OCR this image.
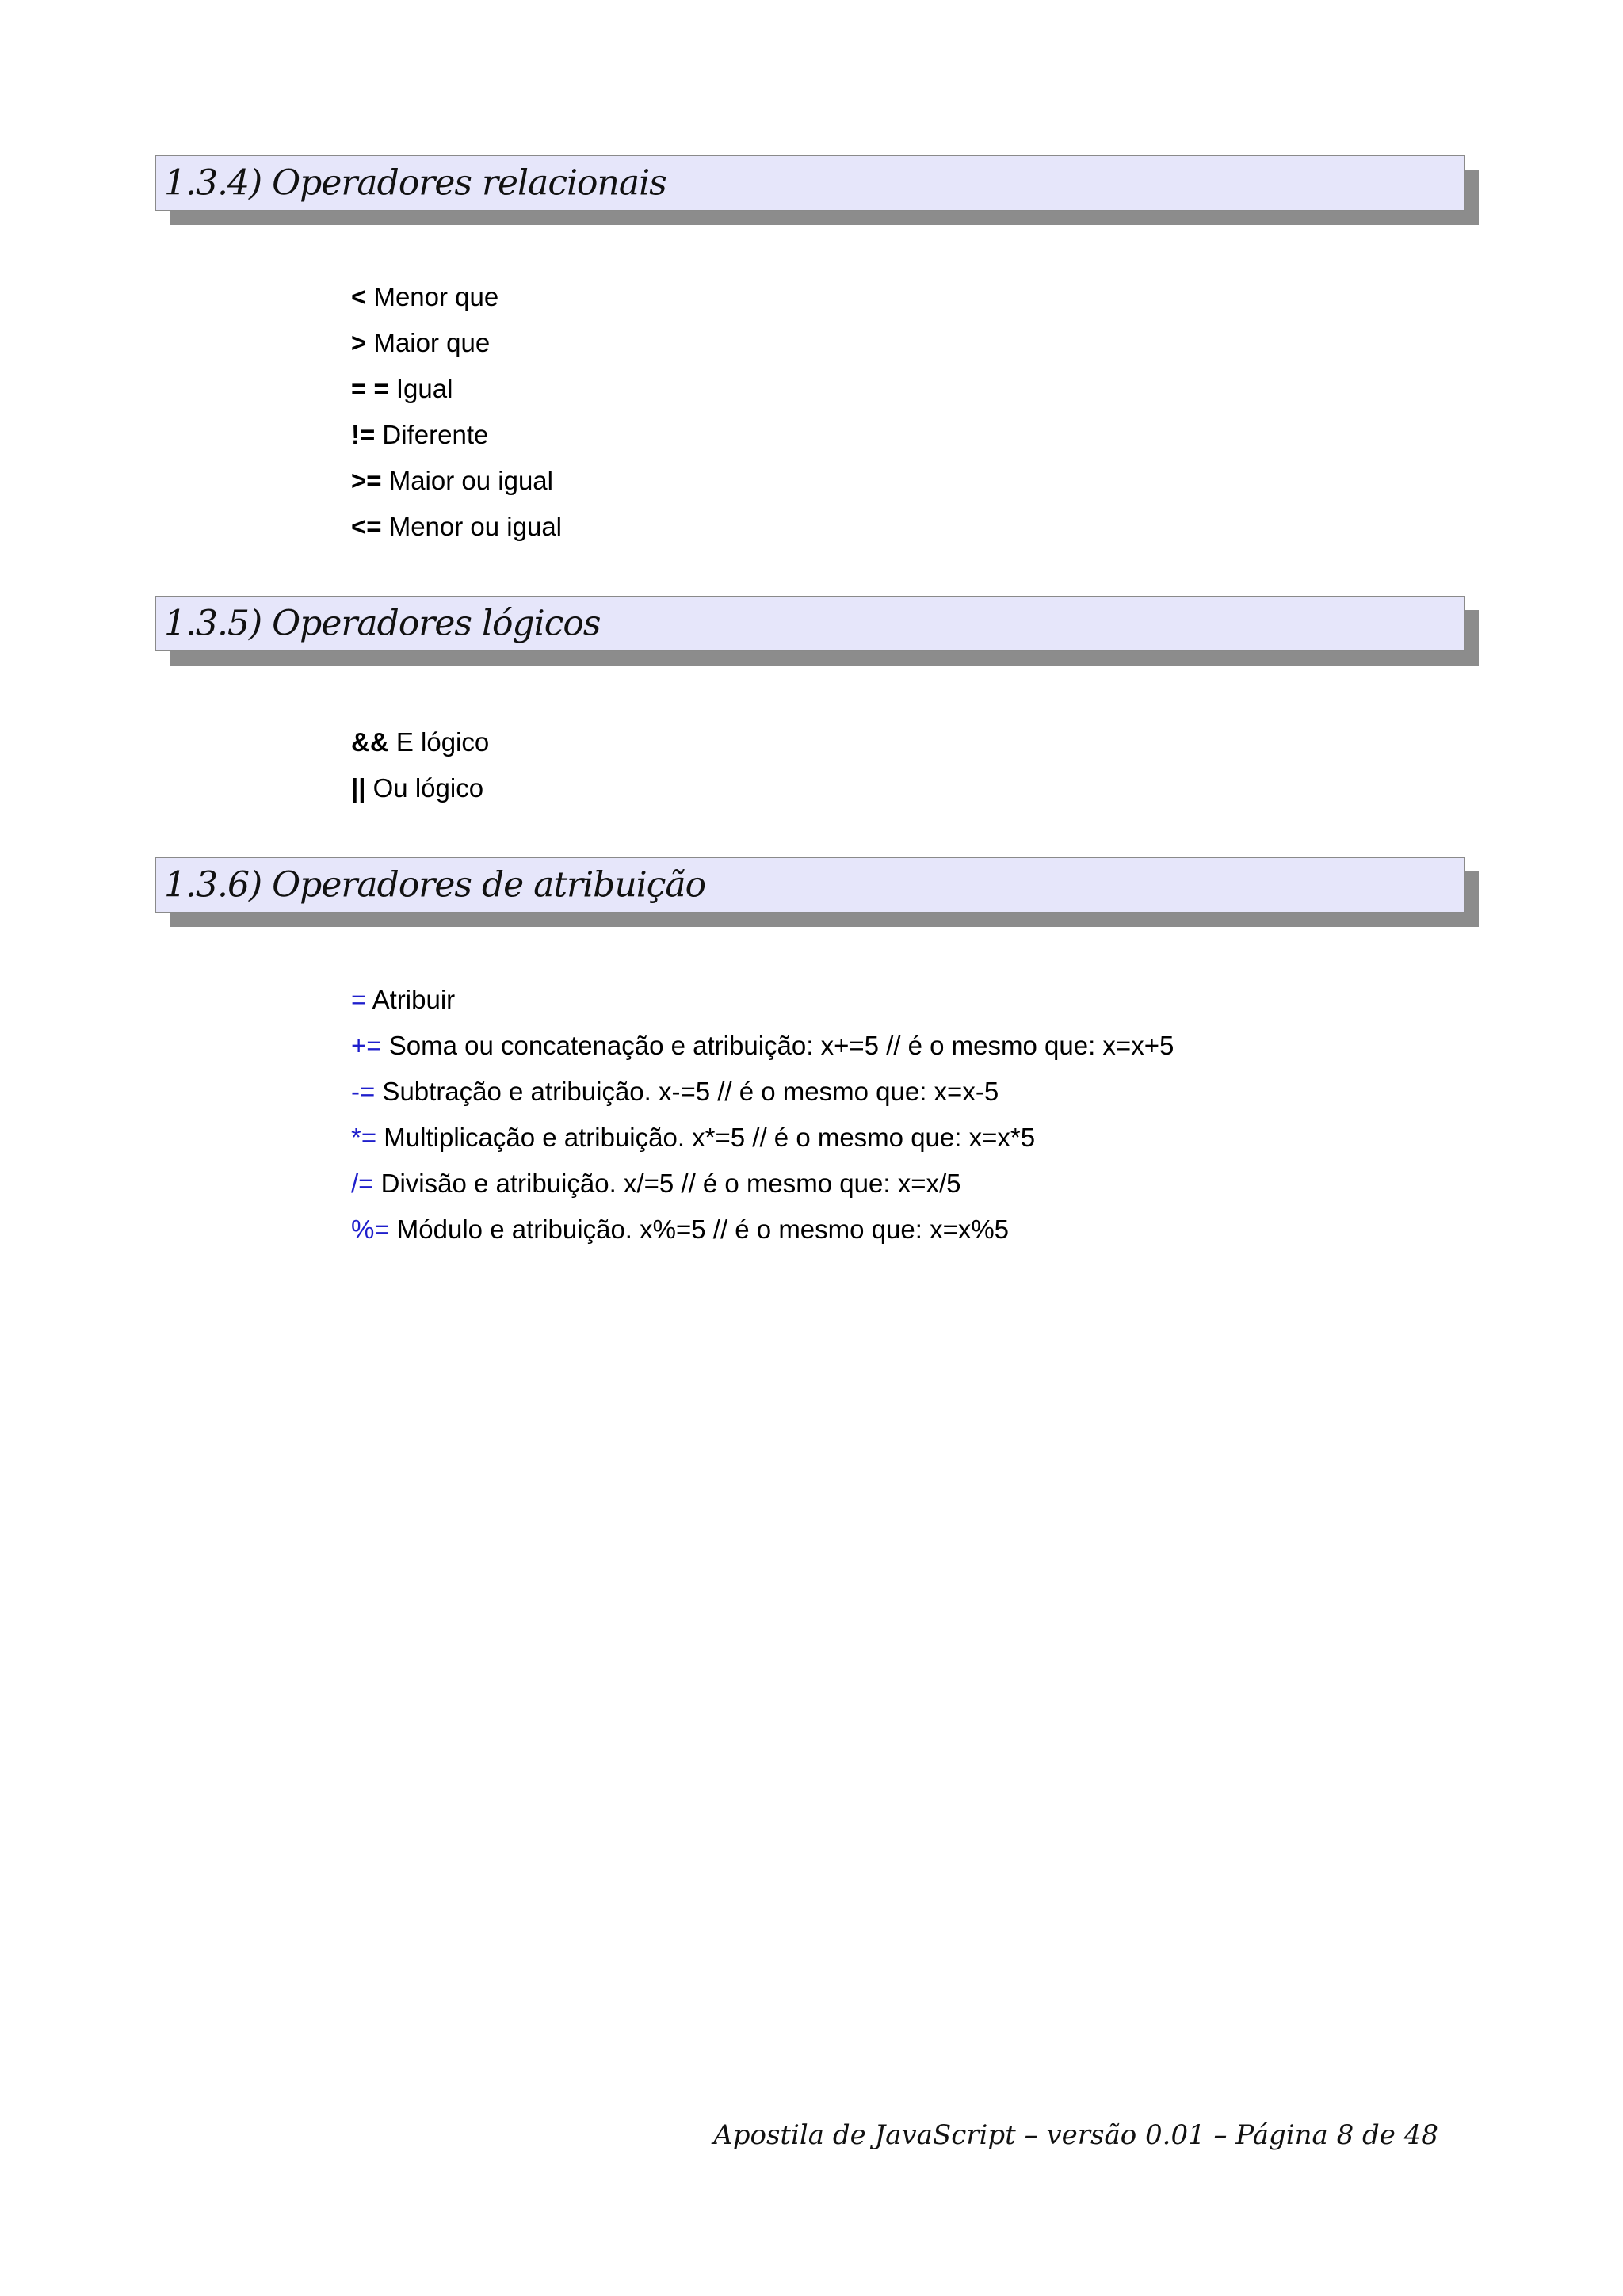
1.3.4) Operadores relacionais
< Menor que
> Maior que
= = Igual
!= Diferente
>= Maior ou igual
<= Menor ou igual
1.3.5) Operadores lógicos
&& E lógico
|| Ou lógico
1.3.6) Operadores de atribuição
= Atribuir
+= Soma ou concatenação e atribuição: x+=5 // é o mesmo que: x=x+5
-= Subtração e atribuição. x-=5 // é o mesmo que: x=x-5
*= Multiplicação e atribuição. x*=5 // é o mesmo que: x=x*5
/= Divisão e atribuição. x/=5 // é o mesmo que: x=x/5
%= Módulo e atribuição. x%=5 // é o mesmo que: x=x%5
Apostila de JavaScript – versão 0.01 – Página 8 de 48
